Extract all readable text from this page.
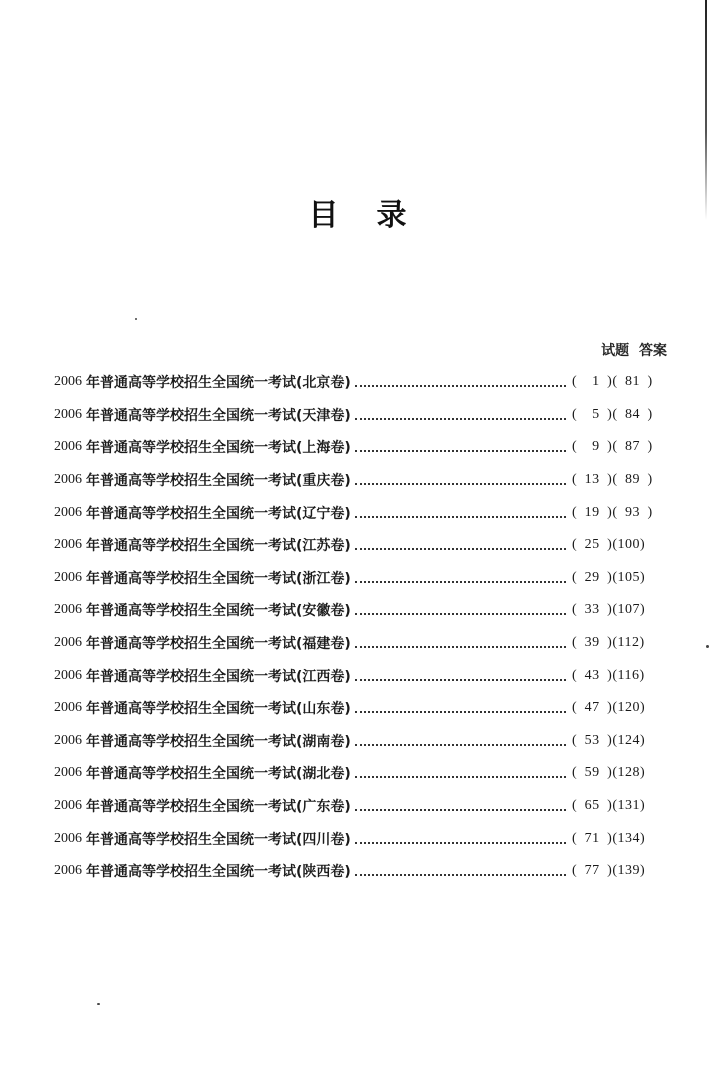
目录
试题 答案
2006 年普通高等学校招生全国统一考试(北京卷)	(  1 )( 81 )
2006 年普通高等学校招生全国统一考试(天津卷)	(  5 )( 84 )
2006 年普通高等学校招生全国统一考试(上海卷)	(  9 )( 87 )
2006 年普通高等学校招生全国统一考试(重庆卷)	( 13 )( 89 )
2006 年普通高等学校招生全国统一考试(辽宁卷)	( 19 )( 93 )
2006 年普通高等学校招生全国统一考试(江苏卷)	( 25 )(100)
2006 年普通高等学校招生全国统一考试(浙江卷)	( 29 )(105)
2006 年普通高等学校招生全国统一考试(安徽卷)	( 33 )(107)
2006 年普通高等学校招生全国统一考试(福建卷)	( 39 )(112)
2006 年普通高等学校招生全国统一考试(江西卷)	( 43 )(116)
2006 年普通高等学校招生全国统一考试(山东卷)	( 47 )(120)
2006 年普通高等学校招生全国统一考试(湖南卷)	( 53 )(124)
2006 年普通高等学校招生全国统一考试(湖北卷)	( 59 )(128)
2006 年普通高等学校招生全国统一考试(广东卷)	( 65 )(131)
2006 年普通高等学校招生全国统一考试(四川卷)	( 71 )(134)
2006 年普通高等学校招生全国统一考试(陕西卷)	( 77 )(139)
